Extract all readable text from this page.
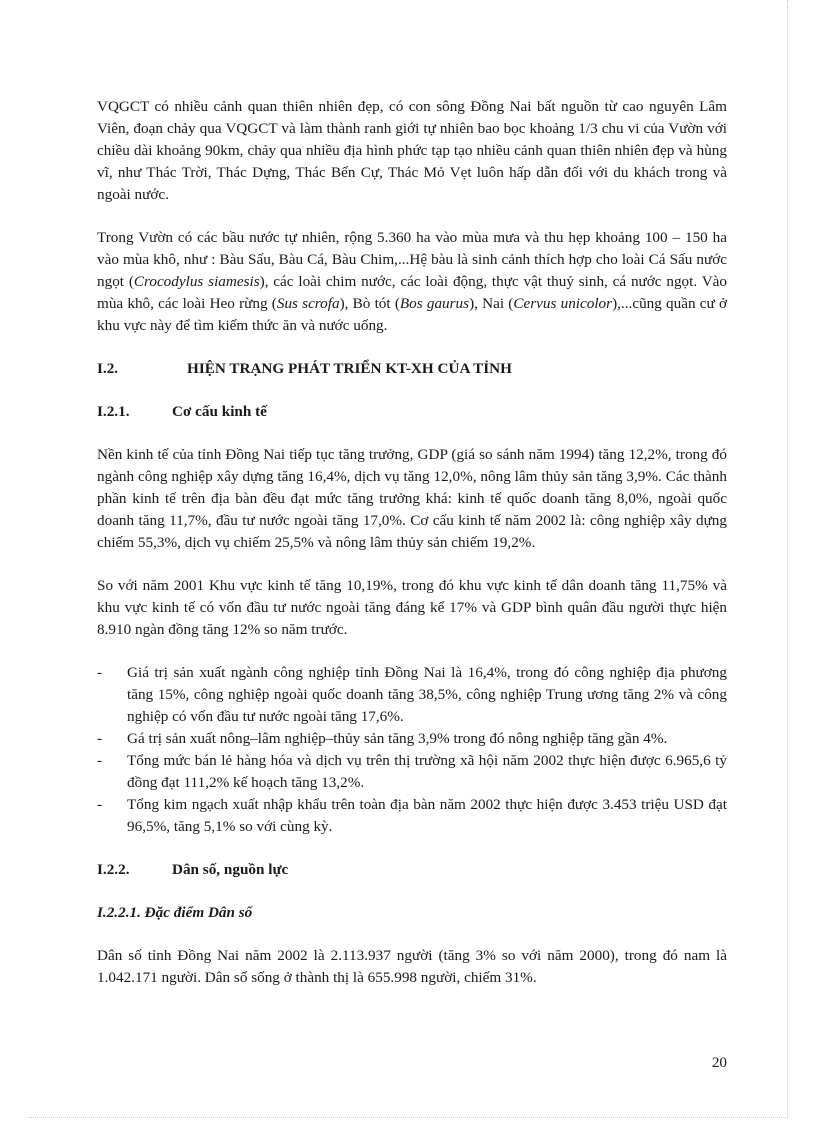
VQGCT có nhiều cảnh quan thiên nhiên đẹp, có con sông Đồng Nai bất nguồn từ cao nguyên Lâm Viên, đoạn chảy qua VQGCT và làm thành ranh giới tự nhiên bao bọc khoảng 1/3 chu vi của Vườn với chiều dài khoảng 90km, chảy qua nhiều địa hình phức tạp tạo nhiều cảnh quan thiên nhiên đẹp và hùng vĩ, như Thác Trời, Thác Dựng, Thác Bến Cự, Thác Mỏ Vẹt luôn hấp dẫn đối với du khách trong và ngoài nước.

Trong Vườn có các bầu nước tự nhiên, rộng 5.360 ha vào mùa mưa và thu hẹp khoảng 100 – 150 ha vào mùa khô, như : Bàu Sấu, Bàu Cá, Bàu Chim,...Hệ bàu là sinh cảnh thích hợp cho loài Cá Sấu nước ngọt (Crocodylus siamesis), các loài chim nước, các loài động, thực vật thuỷ sinh, cá nước ngọt. Vào mùa khô, các loài Heo rừng (Sus scrofa), Bò tót (Bos gaurus), Nai (Cervus unicolor),...cũng quần cư ở khu vực này để tìm kiếm thức ăn và nước uống.

I.2.	HIỆN TRẠNG PHÁT TRIỂN KT-XH CỦA TỈNH
I.2.1.	Cơ cấu kinh tế

Nền kinh tế của tỉnh Đồng Nai tiếp tục tăng trưởng, GDP (giá so sánh năm 1994) tăng 12,2%, trong đó ngành công nghiệp xây dựng tăng 16,4%, dịch vụ tăng 12,0%, nông lâm thủy sản tăng 3,9%. Các thành phần kinh tế trên địa bàn đều đạt mức tăng trưởng khá: kinh tế quốc doanh tăng 8,0%, ngoài quốc doanh tăng 11,7%, đầu tư nước ngoài tăng 17,0%. Cơ cấu kinh tế năm 2002 là: công nghiệp xây dựng chiếm 55,3%, dịch vụ chiếm 25,5% và nông lâm thủy sản chiếm 19,2%.

So với năm 2001 Khu vực kinh tế tăng 10,19%, trong đó khu vực kinh tế dân doanh tăng 11,75% và khu vực kinh tế có vốn đầu tư nước ngoài tăng đáng kể 17% và GDP bình quân đầu người thực hiện 8.910 ngàn đồng tăng 12% so năm trước.

- Giá trị sản xuất ngành công nghiệp tỉnh Đồng Nai là 16,4%, trong đó công nghiệp địa phương tăng 15%, công nghiệp ngoài quốc doanh tăng 38,5%, công nghiệp Trung ương tăng 2% và công nghiệp có vốn đầu tư nước ngoài tăng 17,6%.
- Gá trị sản xuất nông–lâm nghiệp–thủy sản tăng 3,9% trong đó nông nghiệp tăng gần 4%.
- Tổng mức bán lẻ hàng hóa và dịch vụ trên thị trường xã hội năm 2002 thực hiện được 6.965,6 tỷ đồng đạt 111,2% kế hoạch tăng 13,2%.
- Tổng kim ngạch xuất nhập khẩu trên toàn địa bàn năm 2002 thực hiện được 3.453 triệu USD đạt 96,5%, tăng 5,1% so với cùng kỳ.
I.2.2.	Dân số, nguồn lực

I.2.2.1. Đặc điểm Dân số

Dân số tỉnh Đồng Nai năm 2002 là 2.113.937 người (tăng 3% so với năm 2000), trong đó nam là 1.042.171 người. Dân số sống ở thành thị là 655.998 người, chiếm 31%.

20
